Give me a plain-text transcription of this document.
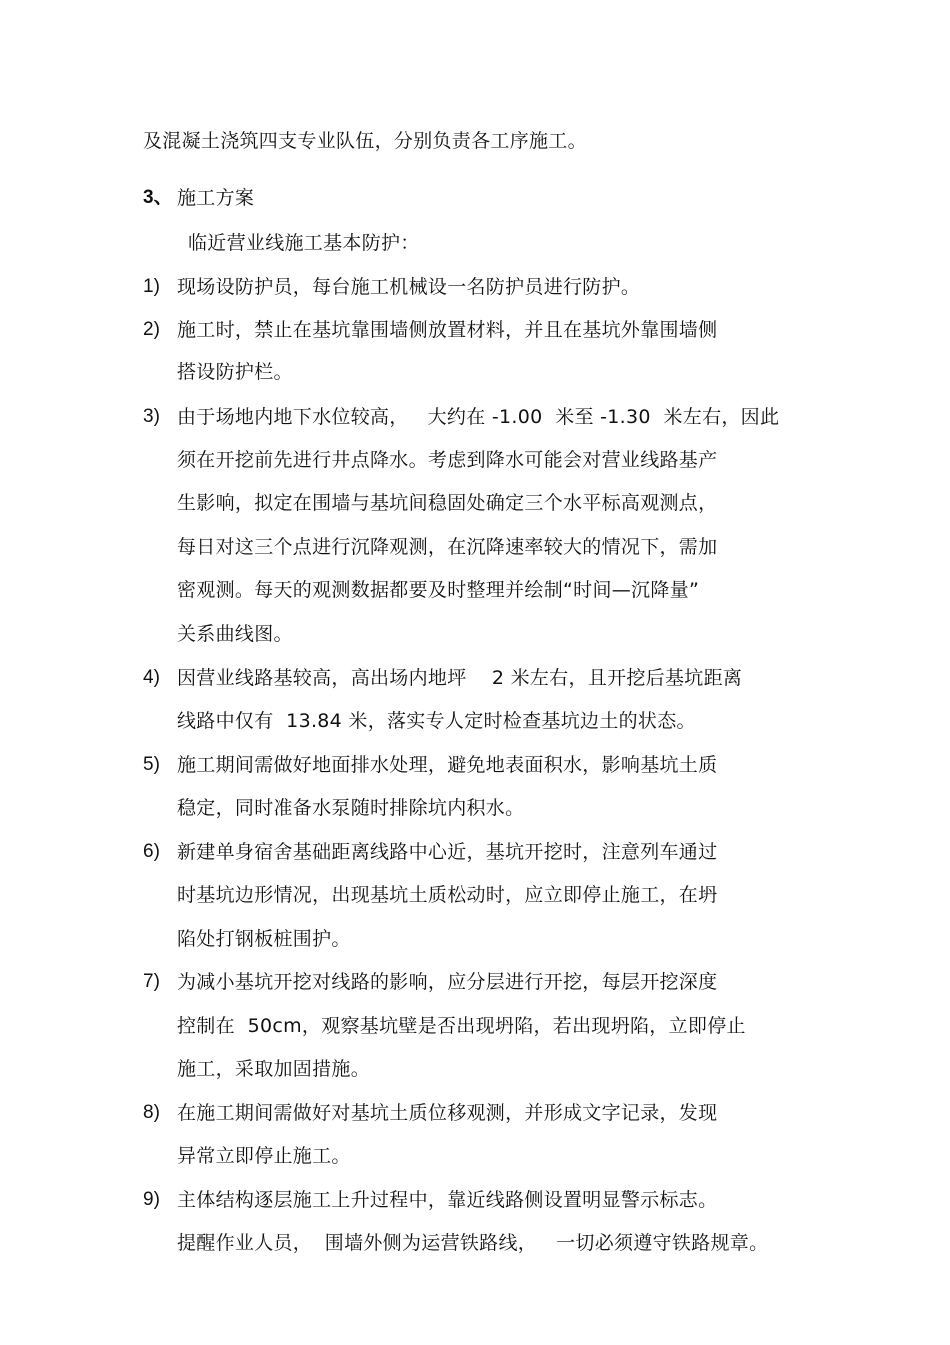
及混凝土浇筑四支专业队伍，分别负责各工序施工。
3、 施工方案
临近营业线施工基本防护：
1) 现场设防护员，每台施工机械设一名防护员进行防护。
2) 施工时，禁止在基坑靠围墙侧放置材料，并且在基坑外靠围墙侧
搭设防护栏。
3) 由于场地内地下水位较高，   大约在 -1.00  米至 -1.30  米左右，因此
须在开挖前先进行井点降水。考虑到降水可能会对营业线路基产
生影响，拟定在围墙与基坑间稳固处确定三个水平标高观测点，
每日对这三个点进行沉降观测，在沉降速率较大的情况下，需加
密观测。每天的观测数据都要及时整理并绘制“时间—沉降量”
关系曲线图。
4) 因营业线路基较高，高出场内地坪    2 米左右，且开挖后基坑距离
线路中仅有  13.84 米，落实专人定时检查基坑边土的状态。
5) 施工期间需做好地面排水处理，避免地表面积水，影响基坑土质
稳定，同时准备水泵随时排除坑内积水。
6) 新建单身宿舍基础距离线路中心近，基坑开挖时，注意列车通过
时基坑边形情况，出现基坑土质松动时，应立即停止施工，在坍
陷处打钢板桩围护。
7) 为减小基坑开挖对线路的影响，应分层进行开挖，每层开挖深度
控制在  50cm，观察基坑壁是否出现坍陷，若出现坍陷，立即停止
施工，采取加固措施。
8) 在施工期间需做好对基坑土质位移观测，并形成文字记录，发现
异常立即停止施工。
9) 主体结构逐层施工上升过程中，靠近线路侧设置明显警示标志。
提醒作业人员，  围墙外侧为运营铁路线，   一切必须遵守铁路规章。
